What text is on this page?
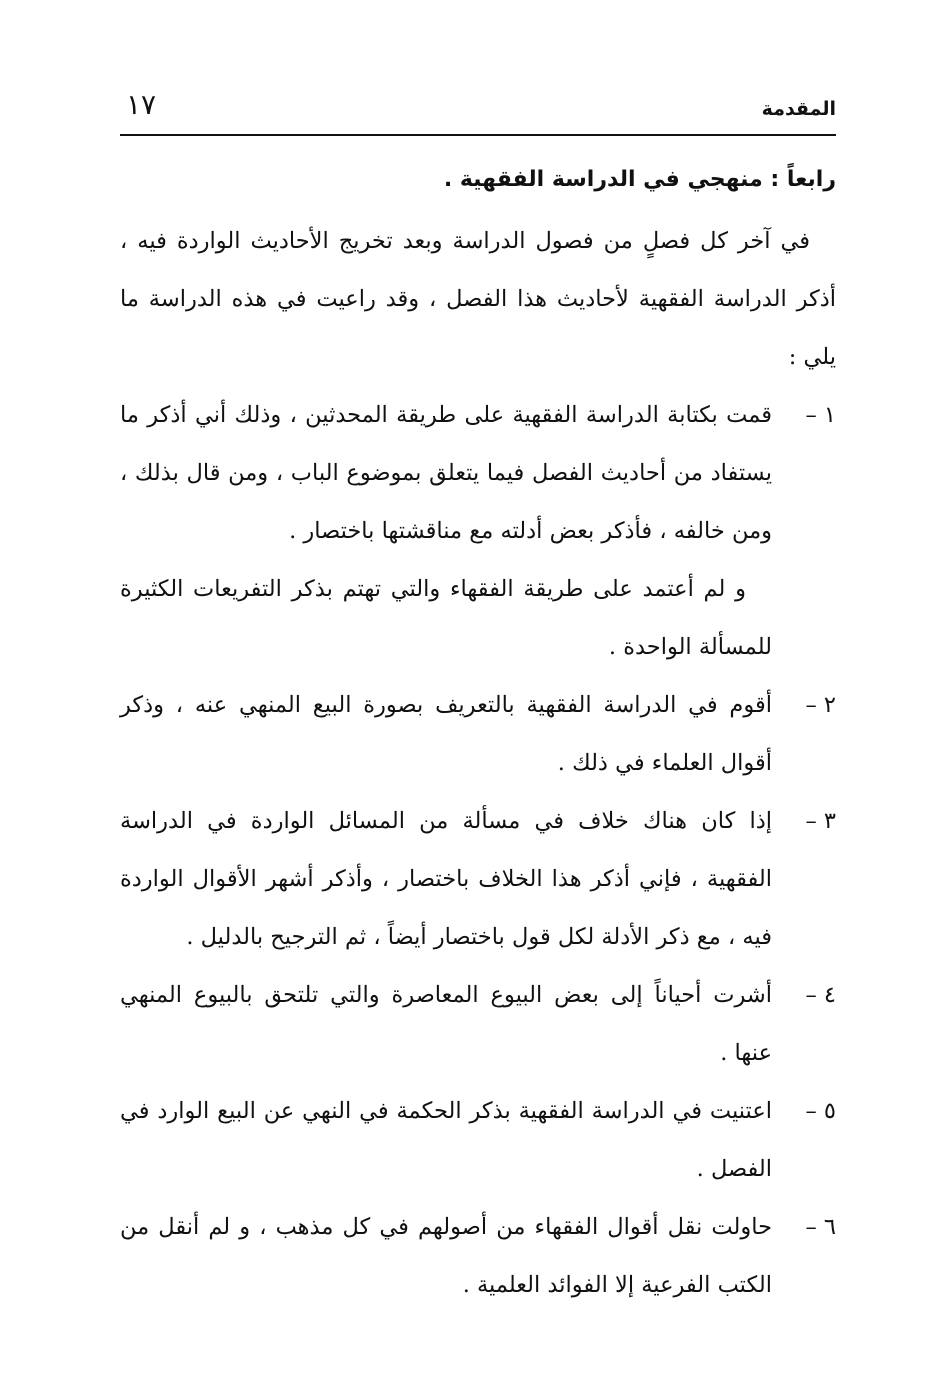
المقدمة
١٧
رابعاً : منهجي في الدراسة الفقهية .

في آخر كل فصلٍ من فصول الدراسة وبعد تخريج الأحاديث الواردة فيه ، أذكر الدراسة الفقهية لأحاديث هذا الفصل ، وقد راعيت في هذه الدراسة ما يلي :

١ –

قمت بكتابة الدراسة الفقهية على طريقة المحدثين ، وذلك أني أذكر ما يستفاد من أحاديث الفصل فيما يتعلق بموضوع الباب ، ومن قال بذلك ، ومن خالفه ، فأذكر بعض أدلته مع مناقشتها باختصار .

و لم أعتمد على طريقة الفقهاء والتي تهتم بذكر التفريعات الكثيرة للمسألة الواحدة .

٢ –

أقوم في الدراسة الفقهية بالتعريف بصورة البيع المنهي عنه ، وذكر أقوال العلماء في ذلك .

٣ –

إذا كان هناك خلاف في مسألة من المسائل الواردة في الدراسة الفقهية ، فإني أذكر هذا الخلاف باختصار ، وأذكر أشهر الأقوال الواردة فيه ، مع ذكر الأدلة لكل قول باختصار أيضاً ، ثم الترجيح بالدليل .

٤ –

أشرت أحياناً إلى بعض البيوع المعاصرة والتي تلتحق بالبيوع المنهي عنها .

٥ –

اعتنيت في الدراسة الفقهية بذكر الحكمة في النهي عن البيع الوارد في الفصل .

٦ –

حاولت نقل أقوال الفقهاء من أصولهم في كل مذهب ، و لم أنقل من الكتب الفرعية إلا الفوائد العلمية .
